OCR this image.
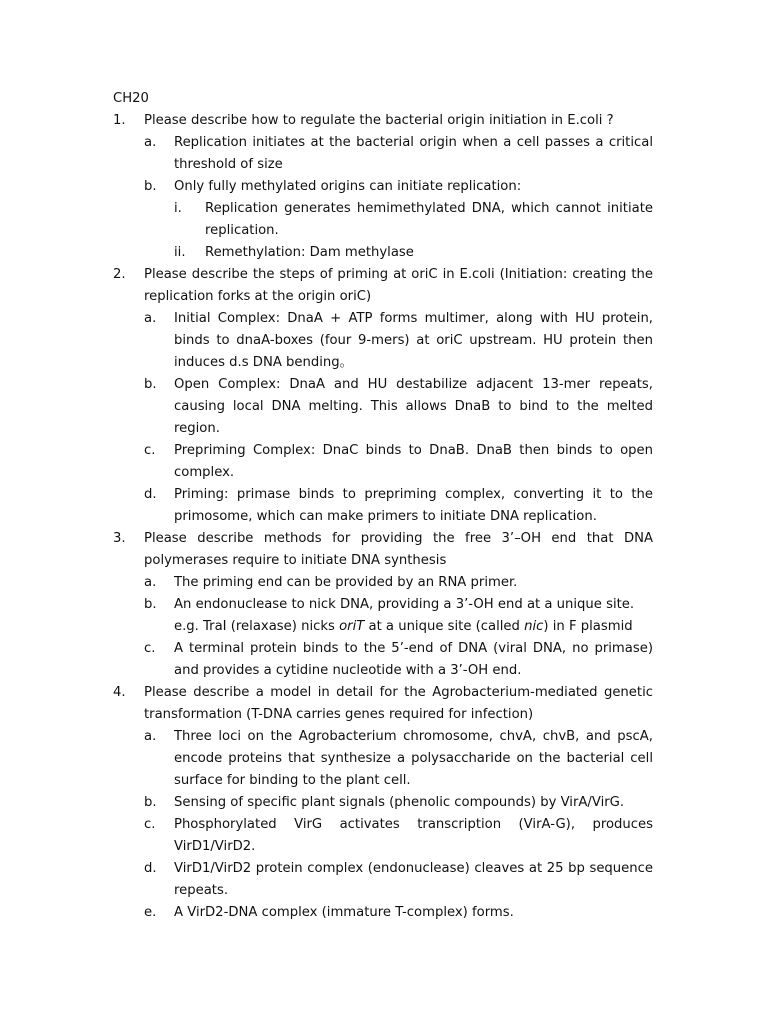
CH20
1. Please describe how to regulate the bacterial origin initiation in E.coli ?
a. Replication initiates at the bacterial origin when a cell passes a critical threshold of size
b. Only fully methylated origins can initiate replication:
i. Replication generates hemimethylated DNA, which cannot initiate replication.
ii. Remethylation: Dam methylase
2. Please describe the steps of priming at oriC in E.coli (Initiation: creating the replication forks at the origin oriC)
a. Initial Complex: DnaA + ATP forms multimer, along with HU protein, binds to dnaA-boxes (four 9-mers) at oriC upstream. HU protein then induces d.s DNA bending。
b. Open Complex: DnaA and HU destabilize adjacent 13-mer repeats, causing local DNA melting. This allows DnaB to bind to the melted region.
c. Prepriming Complex: DnaC binds to DnaB. DnaB then binds to open complex.
d. Priming: primase binds to prepriming complex, converting it to the primosome, which can make primers to initiate DNA replication.
3. Please describe methods for providing the free 3’–OH end that DNA polymerases require to initiate DNA synthesis
a. The priming end can be provided by an RNA primer.
b. An endonuclease to nick DNA, providing a 3’-OH end at a unique site.
e.g. TraI (relaxase) nicks oriT at a unique site (called nic) in F plasmid
c. A terminal protein binds to the 5’-end of DNA (viral DNA, no primase) and provides a cytidine nucleotide with a 3’-OH end.
4. Please describe a model in detail for the Agrobacterium-mediated genetic transformation (T-DNA carries genes required for infection)
a. Three loci on the Agrobacterium chromosome, chvA, chvB, and pscA, encode proteins that synthesize a polysaccharide on the bacterial cell surface for binding to the plant cell.
b. Sensing of specific plant signals (phenolic compounds) by VirA/VirG.
c. Phosphorylated VirG activates transcription (VirA-G), produces VirD1/VirD2.
d. VirD1/VirD2 protein complex (endonuclease) cleaves at 25 bp sequence repeats.
e. A VirD2-DNA complex (immature T-complex) forms.
